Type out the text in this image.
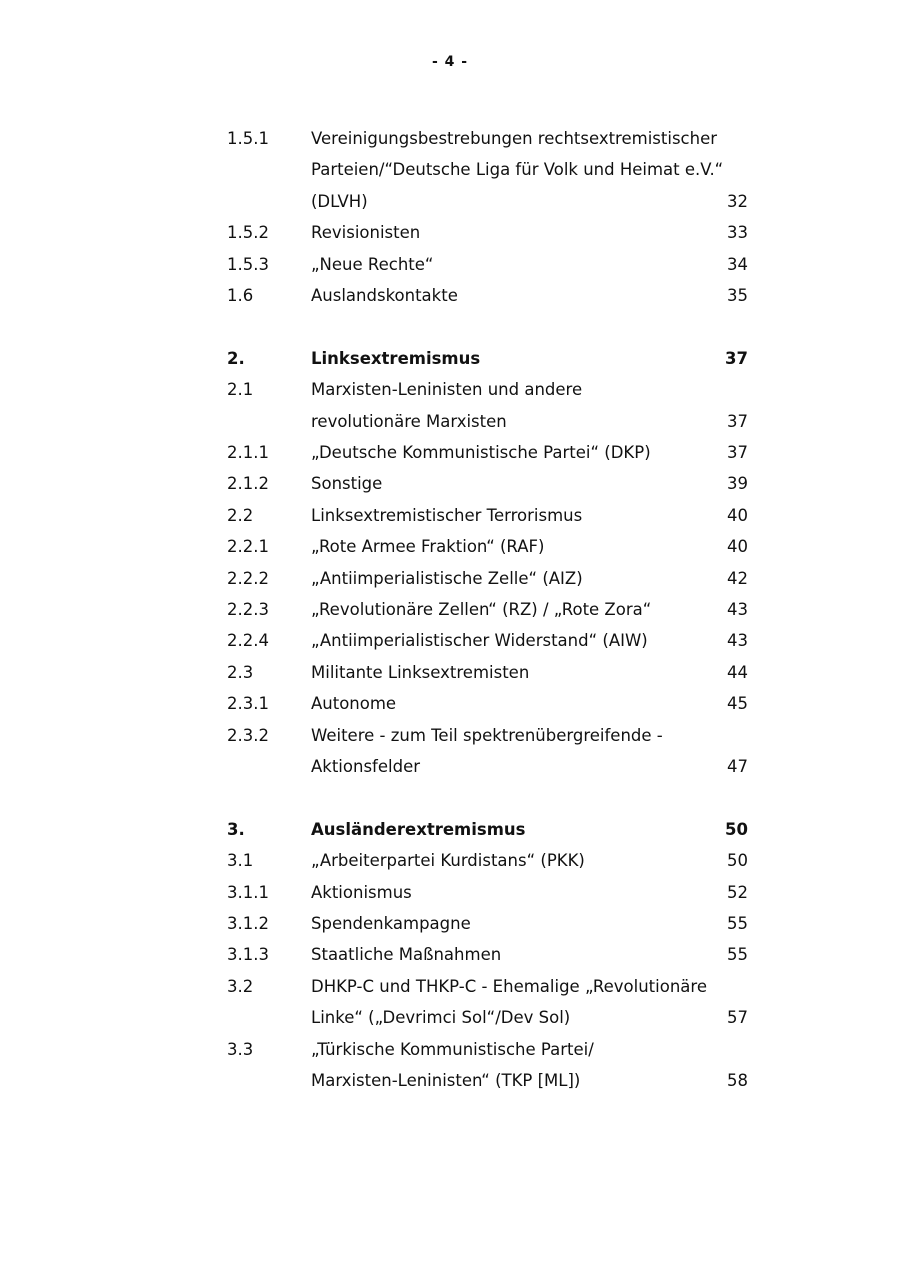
- 4 -
1.5.1	Vereinigungsbestrebungen rechtsextremistischer
Parteien/“Deutsche Liga für Volk und Heimat e.V.“
(DLVH)	32
1.5.2	Revisionisten	33
1.5.3	„Neue Rechte“	34
1.6	Auslandskontakte	35
2.	Linksextremismus	37
2.1	Marxisten-Leninisten und andere
revolutionäre Marxisten	37
2.1.1	„Deutsche Kommunistische Partei“ (DKP)	37
2.1.2	Sonstige	39
2.2	Linksextremistischer Terrorismus	40
2.2.1	„Rote Armee Fraktion“ (RAF)	40
2.2.2	„Antiimperialistische Zelle“ (AIZ)	42
2.2.3	„Revolutionäre Zellen“ (RZ) / „Rote Zora“	43
2.2.4	„Antiimperialistischer Widerstand“ (AIW)	43
2.3	Militante Linksextremisten	44
2.3.1	Autonome	45
2.3.2	Weitere - zum Teil spektrenübergreifende -
Aktionsfelder	47
3.	Ausländerextremismus	50
3.1	„Arbeiterpartei Kurdistans“ (PKK)	50
3.1.1	Aktionismus	52
3.1.2	Spendenkampagne	55
3.1.3	Staatliche Maßnahmen	55
3.2	DHKP-C und THKP-C - Ehemalige „Revolutionäre
Linke“ („Devrimci Sol“/Dev Sol)	57
3.3	„Türkische Kommunistische Partei/
Marxisten-Leninisten“ (TKP [ML])	58
